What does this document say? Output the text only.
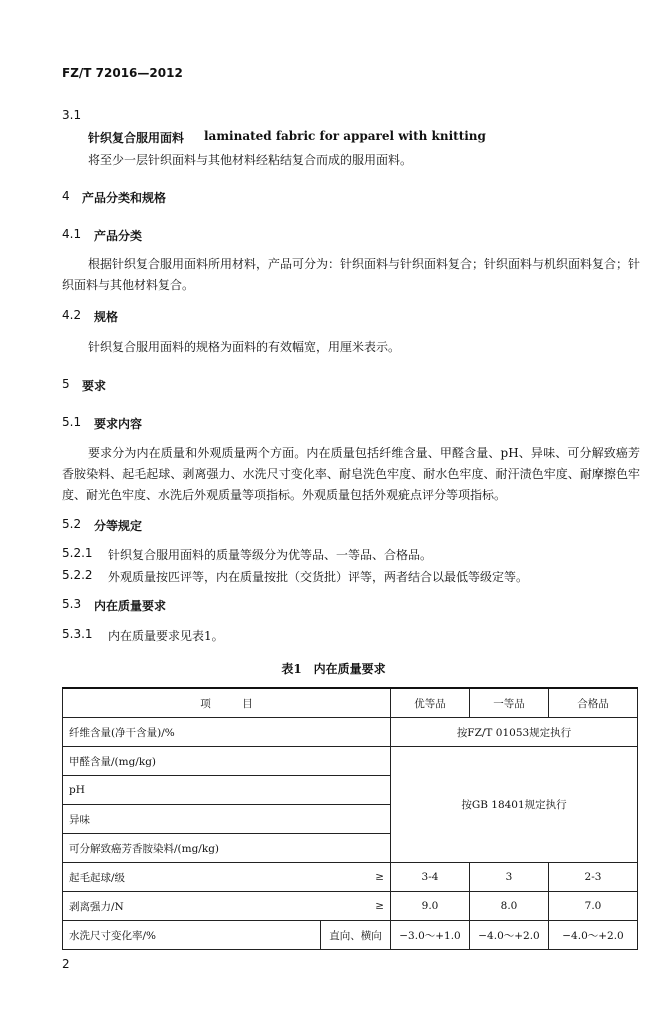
FZ/T 72016—2012
3.1
针织复合服用面料 laminated fabric for apparel with knitting
将至少一层针织面料与其他材料经粘结复合而成的服用面料。
4 产品分类和规格
4.1 产品分类
根据针织复合服用面料所用材料，产品可分为：针织面料与针织面料复合；针织面料与机织面料复合；针织面料与其他材料复合。
4.2 规格
针织复合服用面料的规格为面料的有效幅宽，用厘米表示。
5 要求
5.1 要求内容
要求分为内在质量和外观质量两个方面。内在质量包括纤维含量、甲醛含量、pH、异味、可分解致癌芳香胺染料、起毛起球、剥离强力、水洗尺寸变化率、耐皂洗色牢度、耐水色牢度、耐汗渍色牢度、耐摩擦色牢度、耐光色牢度、水洗后外观质量等项指标。外观质量包括外观疵点评分等项指标。
5.2 分等规定
5.2.1 针织复合服用面料的质量等级分为优等品、一等品、合格品。
5.2.2 外观质量按匹评等，内在质量按批（交货批）评等，两者结合以最低等级定等。
5.3 内在质量要求
5.3.1 内在质量要求见表1。
表1　内在质量要求
项　　　目		优等品	一等品	合格品
纤维含量(净干含量)/%		按FZ/T 01053规定执行		
甲醛含量/(mg/kg)		按GB 18401规定执行		
pH				
异味				
可分解致癌芳香胺染料/(mg/kg)				
起毛起球/级	≥	3-4	3	2-3
剥离强力/N	≥	9.0	8.0	7.0
水洗尺寸变化率/%	直向、横向	−3.0～+1.0	−4.0～+2.0	−4.0～+2.0
2
